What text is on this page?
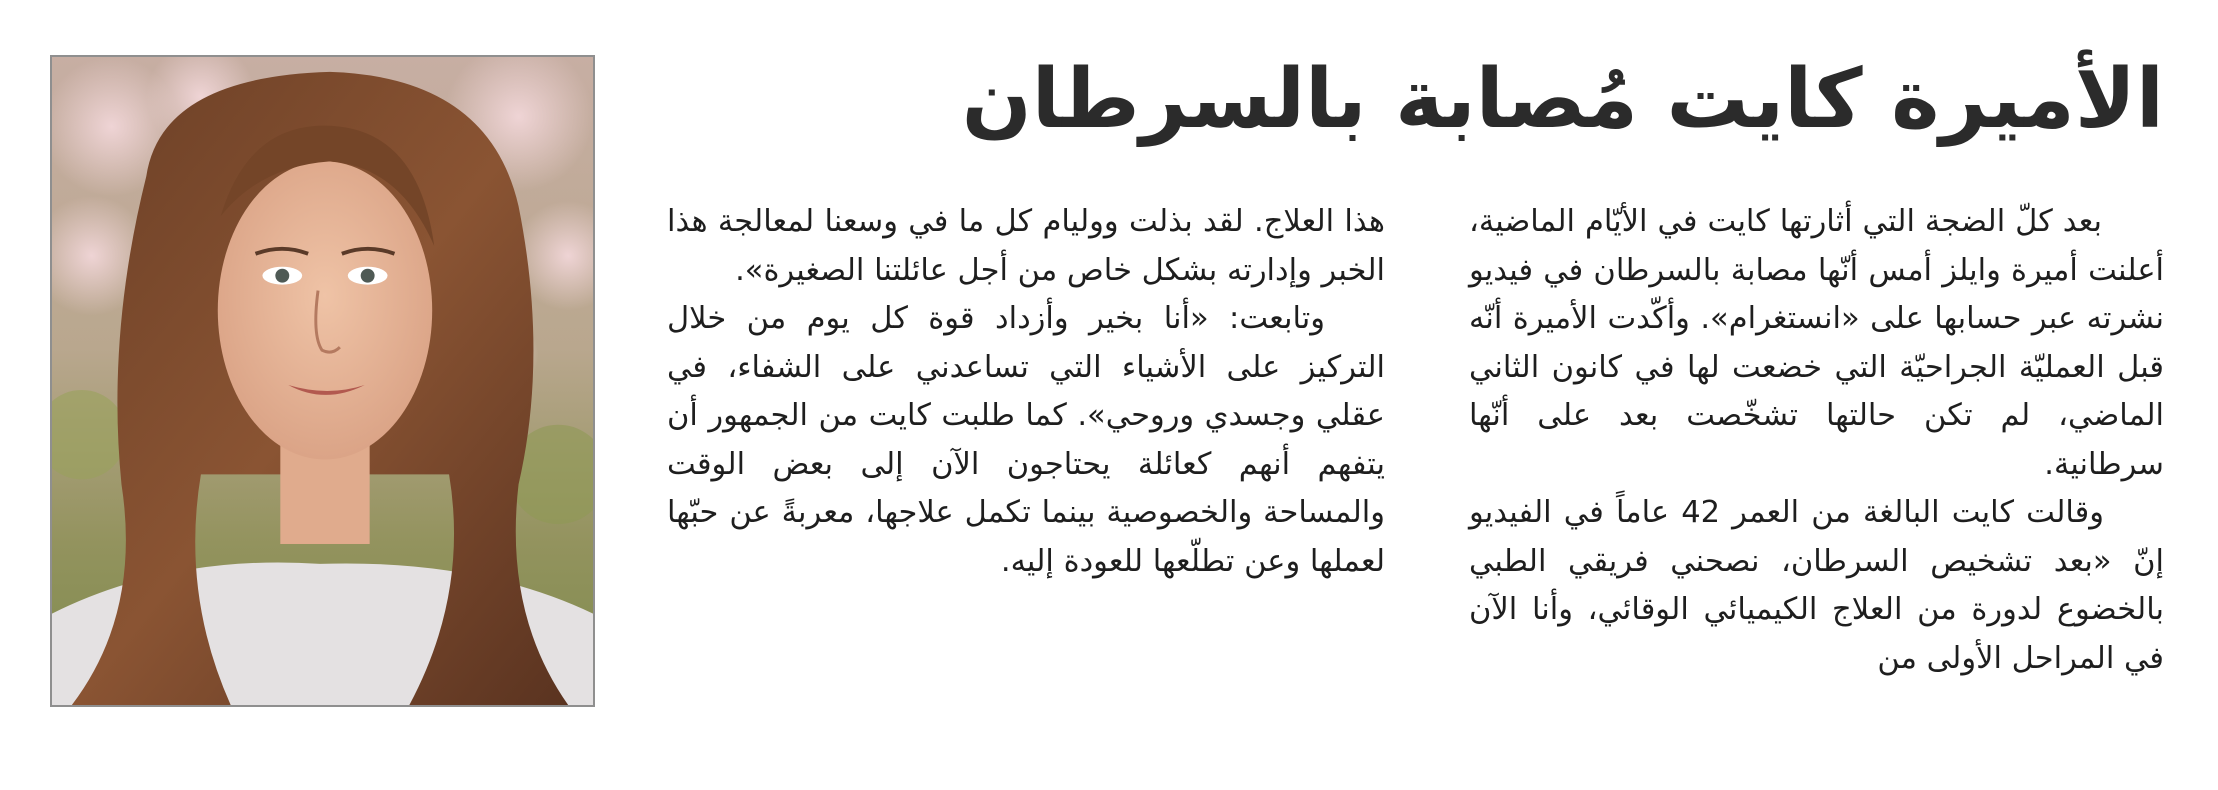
الأميرة كايت مُصابة بالسرطان

بعد كلّ الضجة التي أثارتها كايت في الأيّام الماضية، أعلنت أميرة وايلز أمس أنّها مصابة بالسرطان في فيديو نشرته عبر حسابها على «انستغرام». وأكّدت الأميرة أنّه قبل العمليّة الجراحيّة التي خضعت لها في كانون الثاني الماضي، لم تكن حالتها تشخّصت بعد على أنّها سرطانية.

وقالت كايت البالغة من العمر 42 عاماً في الفيديو إنّ «بعد تشخيص السرطان، نصحني فريقي الطبي بالخضوع لدورة من العلاج الكيميائي الوقائي، وأنا الآن في المراحل الأولى من

هذا العلاج. لقد بذلت ووليام كل ما في وسعنا لمعالجة هذا الخبر وإدارته بشكل خاص من أجل عائلتنا الصغيرة».

وتابعت: «أنا بخير وأزداد قوة كل يوم من خلال التركيز على الأشياء التي تساعدني على الشفاء، في عقلي وجسدي وروحي». كما طلبت كايت من الجمهور أن يتفهم أنهم كعائلة يحتاجون الآن إلى بعض الوقت والمساحة والخصوصية بينما تكمل علاجها، معربةً عن حبّها لعملها وعن تطلّعها للعودة إليه.
